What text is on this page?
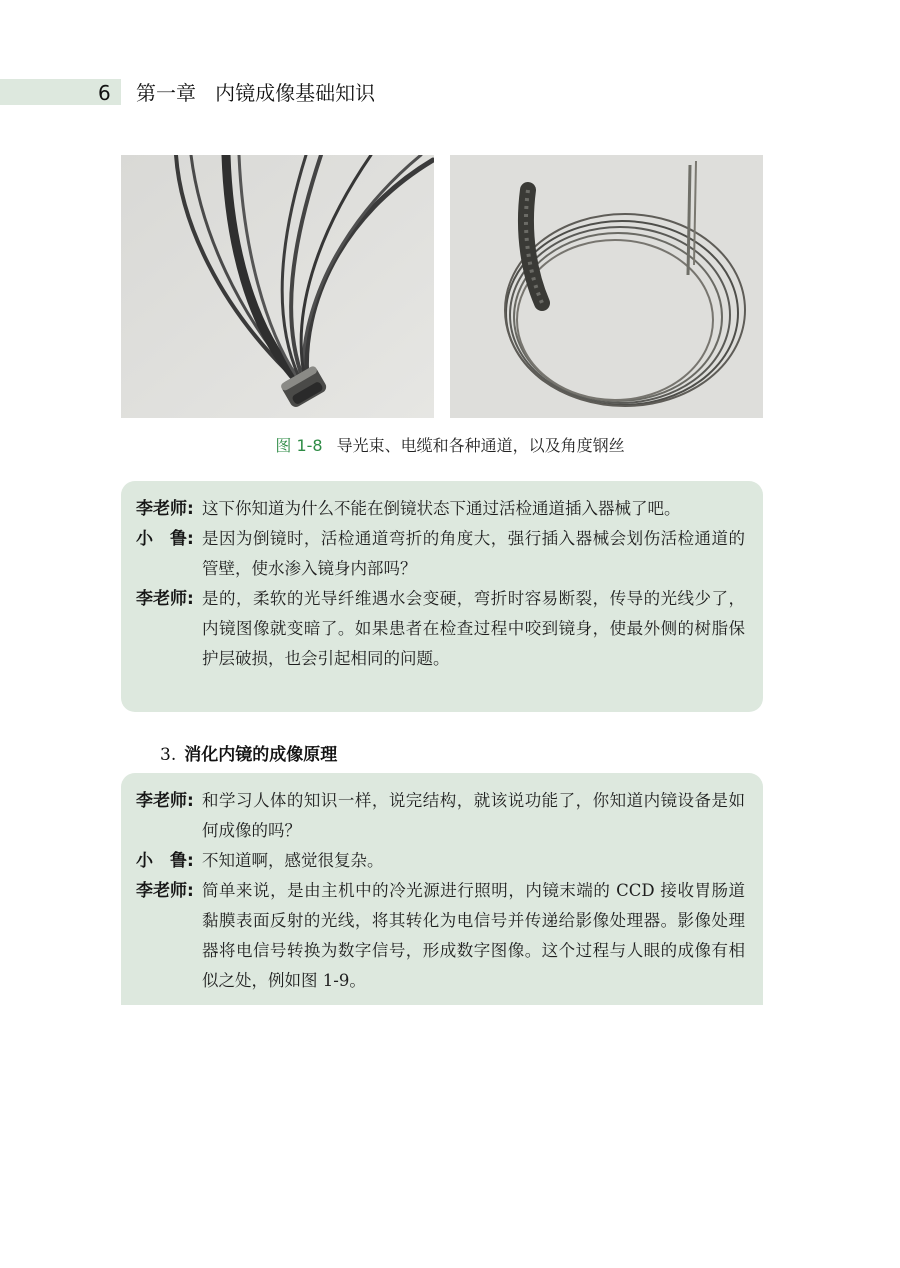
6 第一章   内镜成像基础知识
图 1-8 导光束、电缆和各种通道，以及角度钢丝
李老师: 这下你知道为什么不能在倒镜状态下通过活检通道插入器械了吧。
小　鲁: 是因为倒镜时，活检通道弯折的角度大，强行插入器械会划伤活检通道的管壁，使水渗入镜身内部吗？
李老师: 是的，柔软的光导纤维遇水会变硬，弯折时容易断裂，传导的光线少了，内镜图像就变暗了。如果患者在检查过程中咬到镜身，使最外侧的树脂保护层破损，也会引起相同的问题。
3. 消化内镜的成像原理
李老师: 和学习人体的知识一样，说完结构，就该说功能了，你知道内镜设备是如何成像的吗？
小　鲁: 不知道啊，感觉很复杂。
李老师: 简单来说，是由主机中的冷光源进行照明，内镜末端的 CCD 接收胃肠道黏膜表面反射的光线，将其转化为电信号并传递给影像处理器。影像处理器将电信号转换为数字信号，形成数字图像。这个过程与人眼的成像有相似之处，例如图 1-9。
